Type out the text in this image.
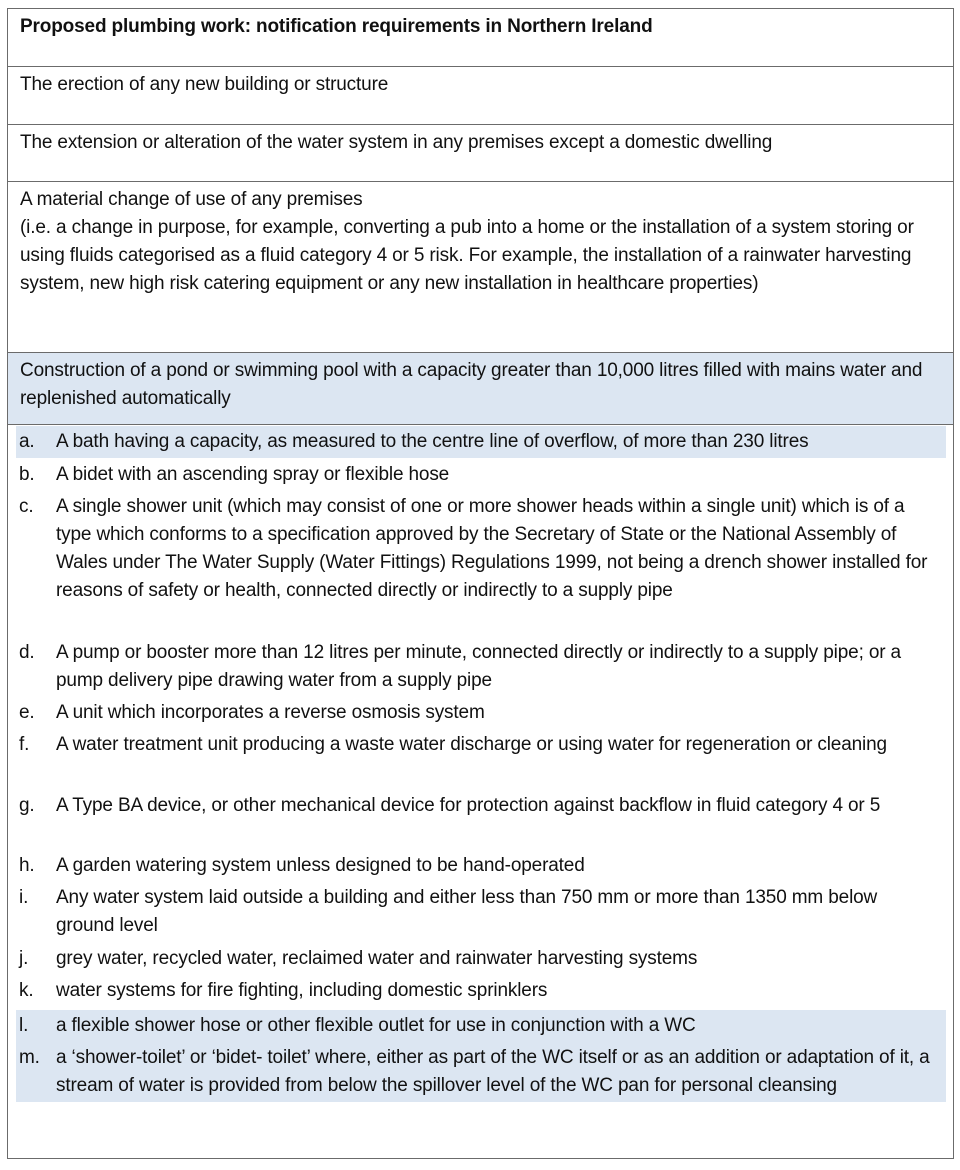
Proposed plumbing work: notification requirements in Northern Ireland
The erection of any new building or structure
The extension or alteration of the water system in any premises except a domestic dwelling
A material change of use of any premises
(i.e. a change in purpose, for example, converting a pub into a home or the installation of a system storing or using fluids categorised as a fluid category 4 or 5 risk. For example, the installation of a rainwater harvesting system, new high risk catering equipment or any new installation in healthcare properties)
Construction of a pond or swimming pool with a capacity greater than 10,000 litres filled with mains water and replenished automatically
a.	A bath having a capacity, as measured to the centre line of overflow, of more than 230 litres
b.	A bidet with an ascending spray or flexible hose
c.	A single shower unit (which may consist of one or more shower heads within a single unit) which is of a type which conforms to a specification approved by the Secretary of State or the National Assembly of Wales under The Water Supply (Water Fittings) Regulations 1999, not being a drench shower installed for reasons of safety or health, connected directly or indirectly to a supply pipe
d.	A pump or booster more than 12 litres per minute, connected directly or indirectly to a supply pipe; or a pump delivery pipe drawing water from a supply pipe
e.	A unit which incorporates a reverse osmosis system
f.	A water treatment unit producing a waste water discharge or using water for regeneration or cleaning
g.	A Type BA device, or other mechanical device for protection against backflow in fluid category 4 or 5
h.	A garden watering system unless designed to be hand-operated
i.	Any water system laid outside a building and either less than 750 mm or more than 1350 mm below ground level
j.	grey water, recycled water, reclaimed water and rainwater harvesting systems
k.	water systems for fire fighting, including domestic sprinklers
l.	a flexible shower hose or other flexible outlet for use in conjunction with a WC
m. a ‘shower-toilet’ or ‘bidet- toilet’ where, either as part of the WC itself or as an addition or adaptation of it, a stream of water is provided from below the spillover level of the WC pan for personal cleansing
